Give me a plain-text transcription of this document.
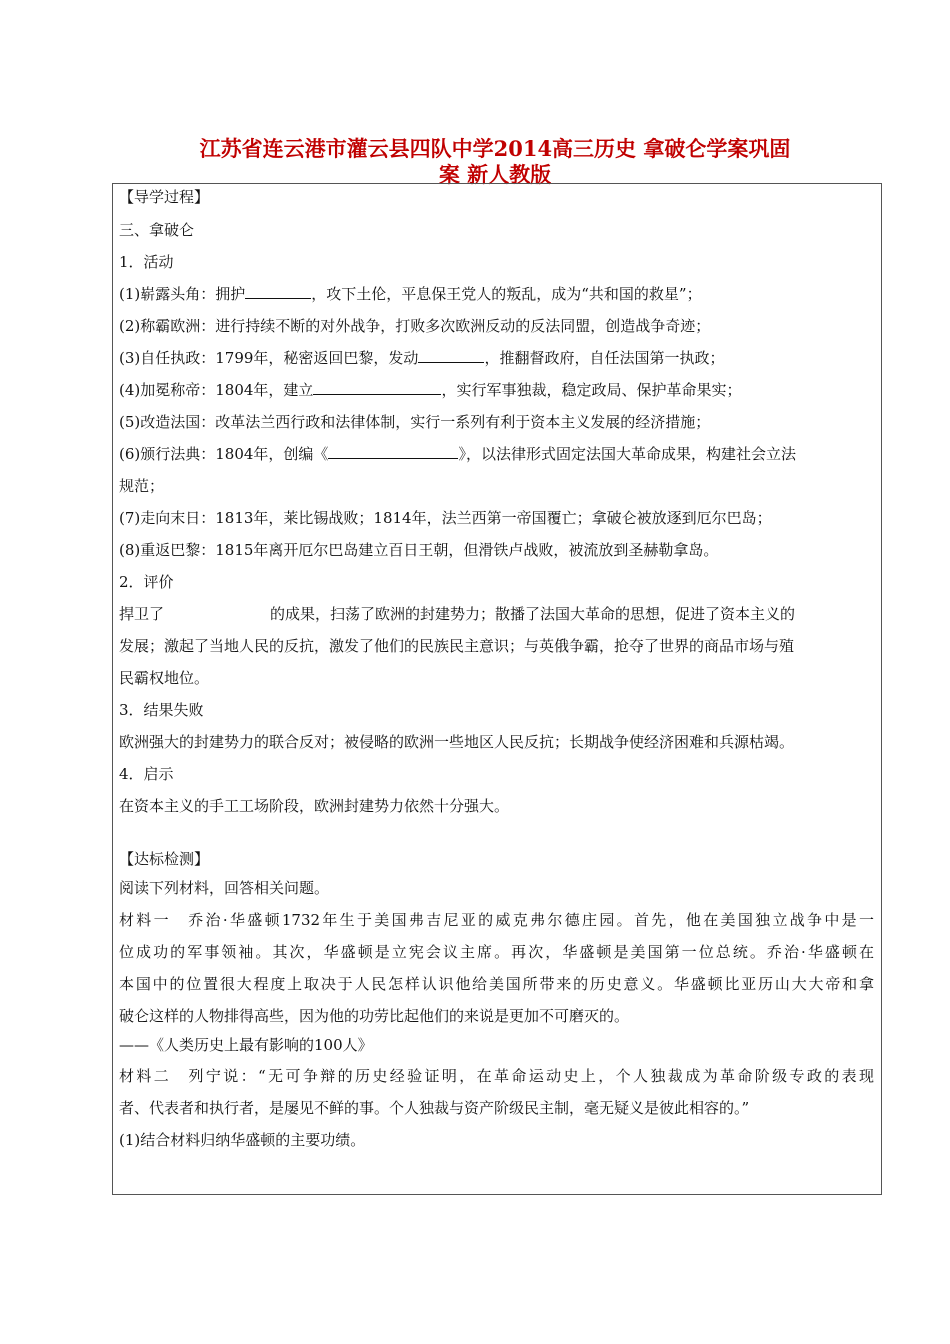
江苏省连云港市灌云县四队中学2014高三历史 拿破仑学案巩固
案 新人教版
【导学过程】
三、拿破仑
1．活动
(1)崭露头角：拥护	，攻下土伦，平息保王党人的叛乱，成为“共和国的救星”；
(2)称霸欧洲：进行持续不断的对外战争，打败多次欧洲反动的反法同盟，创造战争奇迹；
(3)自任执政：1799年，秘密返回巴黎，发动	，推翻督政府，自任法国第一执政；
(4)加冕称帝：1804年，建立	，实行军事独裁，稳定政局、保护革命果实；
(5)改造法国：改革法兰西行政和法律体制，实行一系列有利于资本主义发展的经济措施；
(6)颁行法典：1804年，创编《	》，以法律形式固定法国大革命成果，构建社会立法
规范；
(7)走向末日：1813年，莱比锡战败；1814年，法兰西第一帝国覆亡；拿破仑被放逐到厄尔巴岛；
(8)重返巴黎：1815年离开厄尔巴岛建立百日王朝，但滑铁卢战败，被流放到圣赫勒拿岛。
2．评价
捍卫了	的成果，扫荡了欧洲的封建势力；散播了法国大革命的思想，促进了资本主义的
发展；激起了当地人民的反抗，激发了他们的民族民主意识；与英俄争霸，抢夺了世界的商品市场与殖
民霸权地位。
3．结果失败
欧洲强大的封建势力的联合反对；被侵略的欧洲一些地区人民反抗；长期战争使经济困难和兵源枯竭。
4．启示
在资本主义的手工工场阶段，欧洲封建势力依然十分强大。
【达标检测】
阅读下列材料，回答相关问题。
材料一　乔治·华盛顿1732年生于美国弗吉尼亚的威克弗尔德庄园。首先，他在美国独立战争中是一
位成功的军事领袖。其次，华盛顿是立宪会议主席。再次，华盛顿是美国第一位总统。乔治·华盛顿在
本国中的位置很大程度上取决于人民怎样认识他给美国所带来的历史意义。华盛顿比亚历山大大帝和拿
破仑这样的人物排得高些，因为他的功劳比起他们的来说是更加不可磨灭的。
——《人类历史上最有影响的100人》
材料二　列宁说：“无可争辩的历史经验证明，在革命运动史上，个人独裁成为革命阶级专政的表现
者、代表者和执行者，是屡见不鲜的事。个人独裁与资产阶级民主制，毫无疑义是彼此相容的。”
(1)结合材料归纳华盛顿的主要功绩。
